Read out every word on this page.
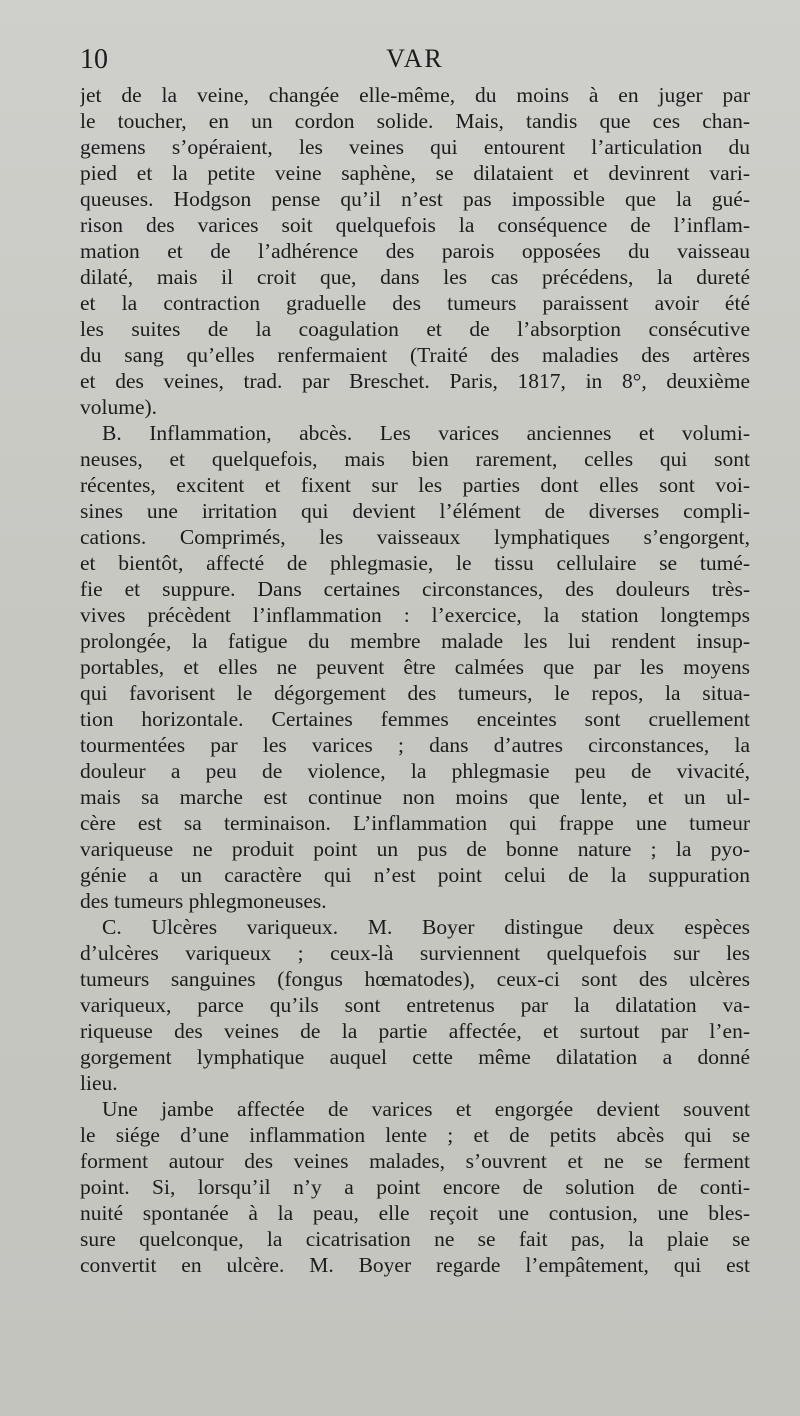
10	VAR
jet de la veine, changée elle-même, du moins à en juger par
le toucher, en un cordon solide. Mais, tandis que ces chan-
gemens s’opéraient, les veines qui entourent l’articulation du
pied et la petite veine saphène, se dilataient et devinrent vari-
queuses. Hodgson pense qu’il n’est pas impossible que la gué-
rison des varices soit quelquefois la conséquence de l’inflam-
mation et de l’adhérence des parois opposées du vaisseau
dilaté, mais il croit que, dans les cas précédens, la dureté
et la contraction graduelle des tumeurs paraissent avoir été
les suites de la coagulation et de l’absorption consécutive
du sang qu’elles renfermaient (Traité des maladies des artères
et des veines, trad. par Breschet. Paris, 1817, in 8°, deuxième
volume).
B. Inflammation, abcès. Les varices anciennes et volumi-
neuses, et quelquefois, mais bien rarement, celles qui sont
récentes, excitent et fixent sur les parties dont elles sont voi-
sines une irritation qui devient l’élément de diverses compli-
cations. Comprimés, les vaisseaux lymphatiques s’engorgent,
et bientôt, affecté de phlegmasie, le tissu cellulaire se tumé-
fie et suppure. Dans certaines circonstances, des douleurs très-
vives précèdent l’inflammation : l’exercice, la station longtemps
prolongée, la fatigue du membre malade les lui rendent insup-
portables, et elles ne peuvent être calmées que par les moyens
qui favorisent le dégorgement des tumeurs, le repos, la situa-
tion horizontale. Certaines femmes enceintes sont cruellement
tourmentées par les varices ; dans d’autres circonstances, la
douleur a peu de violence, la phlegmasie peu de vivacité,
mais sa marche est continue non moins que lente, et un ul-
cère est sa terminaison. L’inflammation qui frappe une tumeur
variqueuse ne produit point un pus de bonne nature ; la pyo-
génie a un caractère qui n’est point celui de la suppuration
des tumeurs phlegmoneuses.
C. Ulcères variqueux. M. Boyer distingue deux espèces
d’ulcères variqueux ; ceux-là surviennent quelquefois sur les
tumeurs sanguines (fongus hœmatodes), ceux-ci sont des ulcères
variqueux, parce qu’ils sont entretenus par la dilatation va-
riqueuse des veines de la partie affectée, et surtout par l’en-
gorgement lymphatique auquel cette même dilatation a donné
lieu.
Une jambe affectée de varices et engorgée devient souvent
le siége d’une inflammation lente ; et de petits abcès qui se
forment autour des veines malades, s’ouvrent et ne se ferment
point. Si, lorsqu’il n’y a point encore de solution de conti-
nuité spontanée à la peau, elle reçoit une contusion, une bles-
sure quelconque, la cicatrisation ne se fait pas, la plaie se
convertit en ulcère. M. Boyer regarde l’empâtement, qui est
